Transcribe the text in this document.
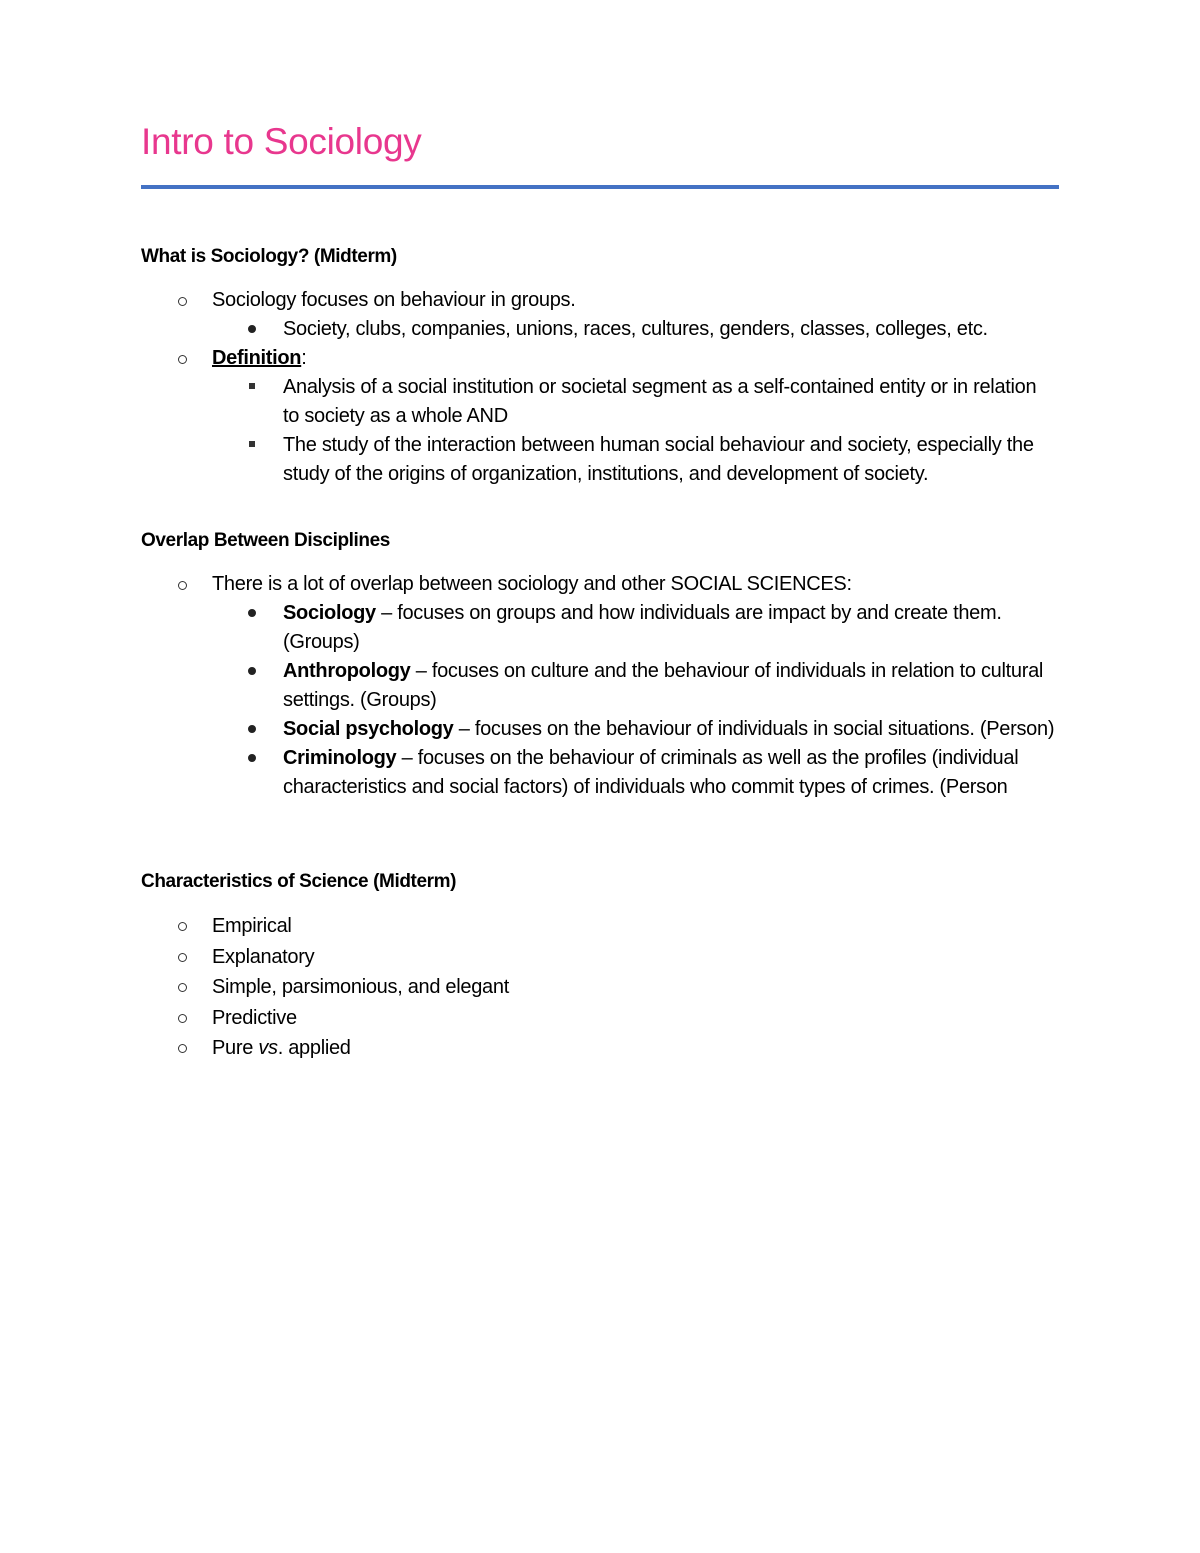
Intro to Sociology
What is Sociology? (Midterm)
Sociology focuses on behaviour in groups.
Society, clubs, companies, unions, races, cultures, genders, classes, colleges, etc.
Definition:
Analysis of a social institution or societal segment as a self-contained entity or in relation to society as a whole AND
The study of the interaction between human social behaviour and society, especially the study of the origins of organization, institutions, and development of society.
Overlap Between Disciplines
There is a lot of overlap between sociology and other SOCIAL SCIENCES:
Sociology – focuses on groups and how individuals are impact by and create them. (Groups)
Anthropology – focuses on culture and the behaviour of individuals in relation to cultural settings. (Groups)
Social psychology – focuses on the behaviour of individuals in social situations. (Person)
Criminology – focuses on the behaviour of criminals as well as the profiles (individual characteristics and social factors) of individuals who commit types of crimes. (Person
Characteristics of Science (Midterm)
Empirical
Explanatory
Simple, parsimonious, and elegant
Predictive
Pure vs. applied
